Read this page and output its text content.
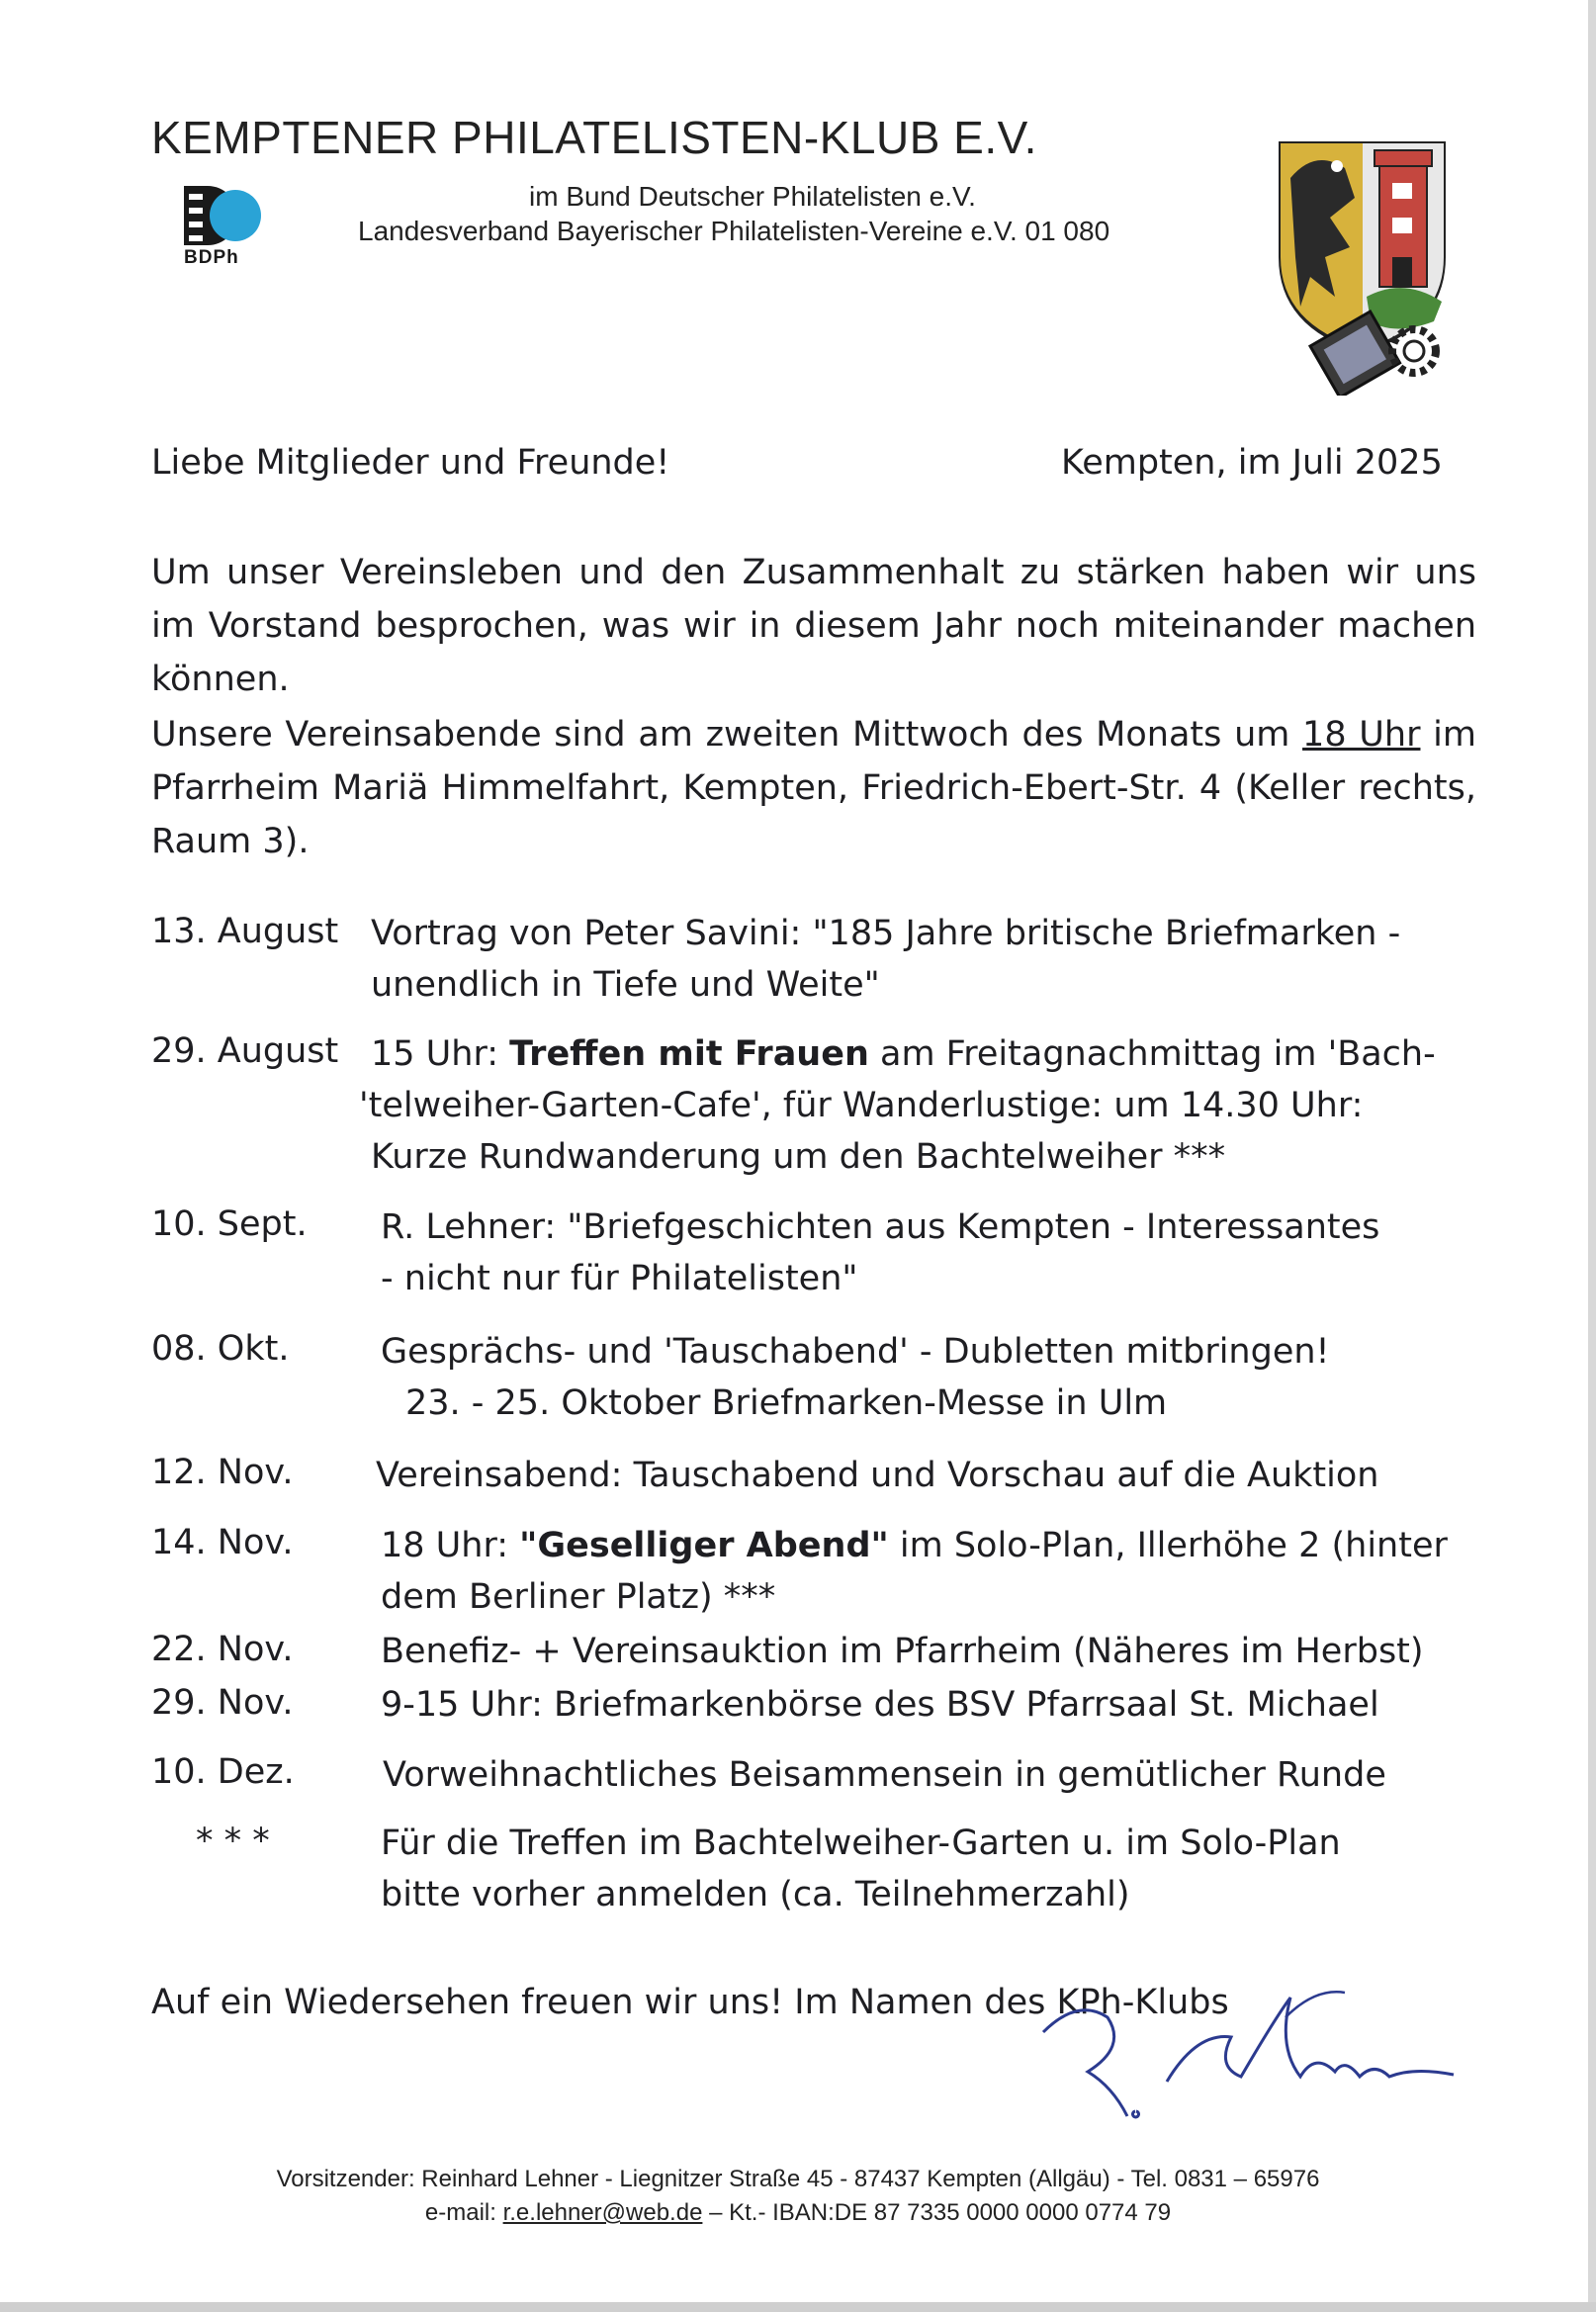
KEMPTENER PHILATELISTEN-KLUB E.V.
im Bund Deutscher Philatelisten e.V.
Landesverband Bayerischer Philatelisten-Vereine e.V. 01 080
BDPh
Liebe Mitglieder und Freunde!	Kempten, im Juli 2025
Um unser Vereinsleben und den Zusammenhalt zu stärken haben wir uns im Vorstand besprochen, was wir in diesem Jahr noch miteinander machen können.
Unsere Vereinsabende sind am zweiten Mittwoch des Monats um 18 Uhr im Pfarrheim Mariä Himmelfahrt, Kempten, Friedrich-Ebert-Str. 4 (Keller rechts, Raum 3).
13. August Vortrag von Peter Savini: "185 Jahre britische Briefmarken -
unendlich in Tiefe und Weite"
29. August 15 Uhr: Treffen mit Frauen am Freitagnachmittag im 'Bach-
'telweiher-Garten-Cafe', für Wanderlustige: um 14.30 Uhr:
Kurze Rundwanderung um den Bachtelweiher ***
10. Sept. R. Lehner: "Briefgeschichten aus Kempten - Interessantes
- nicht nur für Philatelisten"
08. Okt.	Gesprächs- und 'Tauschabend' - Dubletten mitbringen!
23. - 25. Oktober Briefmarken-Messe in Ulm
12. Nov. Vereinsabend: Tauschabend und Vorschau auf die Auktion
14. Nov.	18 Uhr: "Geselliger Abend" im Solo-Plan, Illerhöhe 2 (hinter
dem Berliner Platz) ***
22. Nov.	Benefiz- + Vereinsauktion im Pfarrheim (Näheres im Herbst)
29. Nov.	9-15 Uhr: Briefmarkenbörse des BSV Pfarrsaal St. Michael
10. Dez.	Vorweihnachtliches Beisammensein in gemütlicher Runde
* * *	Für die Treffen im Bachtelweiher-Garten u. im Solo-Plan
bitte vorher anmelden (ca. Teilnehmerzahl)
Auf ein Wiedersehen freuen wir uns! Im Namen des KPh-Klubs
Vorsitzender: Reinhard Lehner - Liegnitzer Straße 45 - 87437 Kempten (Allgäu) - Tel. 0831 – 65976
e-mail: r.e.lehner@web.de – Kt.- IBAN:DE 87 7335 0000 0000 0774 79
